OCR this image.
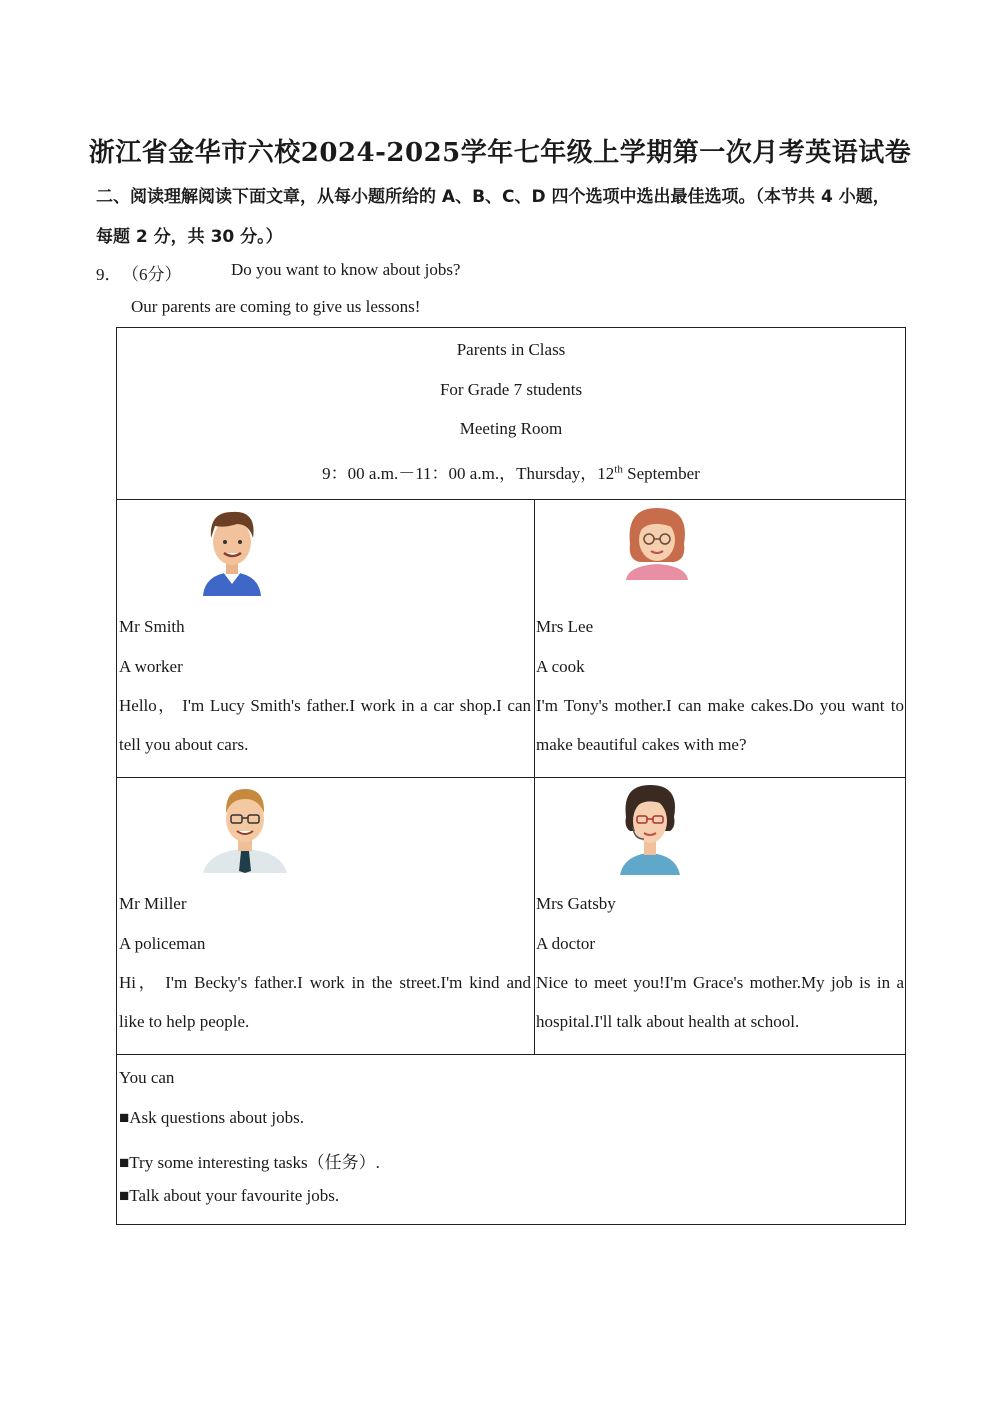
浙江省金华市六校2024-2025学年七年级上学期第一次月考英语试卷
二、阅读理解阅读下面文章，从每小题所给的 A、B、C、D 四个选项中选出最佳选项。（本节共 4 小题，
每题 2 分，共 30 分。）
9． （6分）	Do you want to know about jobs?
Our parents are coming to give us lessons!
Parents in Class
For Grade 7 students
Meeting Room
9：00 a.m.－11：00 a.m.，Thursday，12th September
Mr Smith
A worker
Hello， I'm Lucy Smith's father.I work in a car shop.I can tell you about cars.
Mrs Lee
A cook
I'm Tony's mother.I can make cakes.Do you want to make beautiful cakes with me?
Mr Miller
A policeman
Hi， I'm Becky's father.I work in the street.I'm kind and like to help people.
Mrs Gatsby
A doctor
Nice to meet you!I'm Grace's mother.My job is in a hospital.I'll talk about health at school.
You can
■Ask questions about jobs.
■Try some interesting tasks（任务）.
■Talk about your favourite jobs.
